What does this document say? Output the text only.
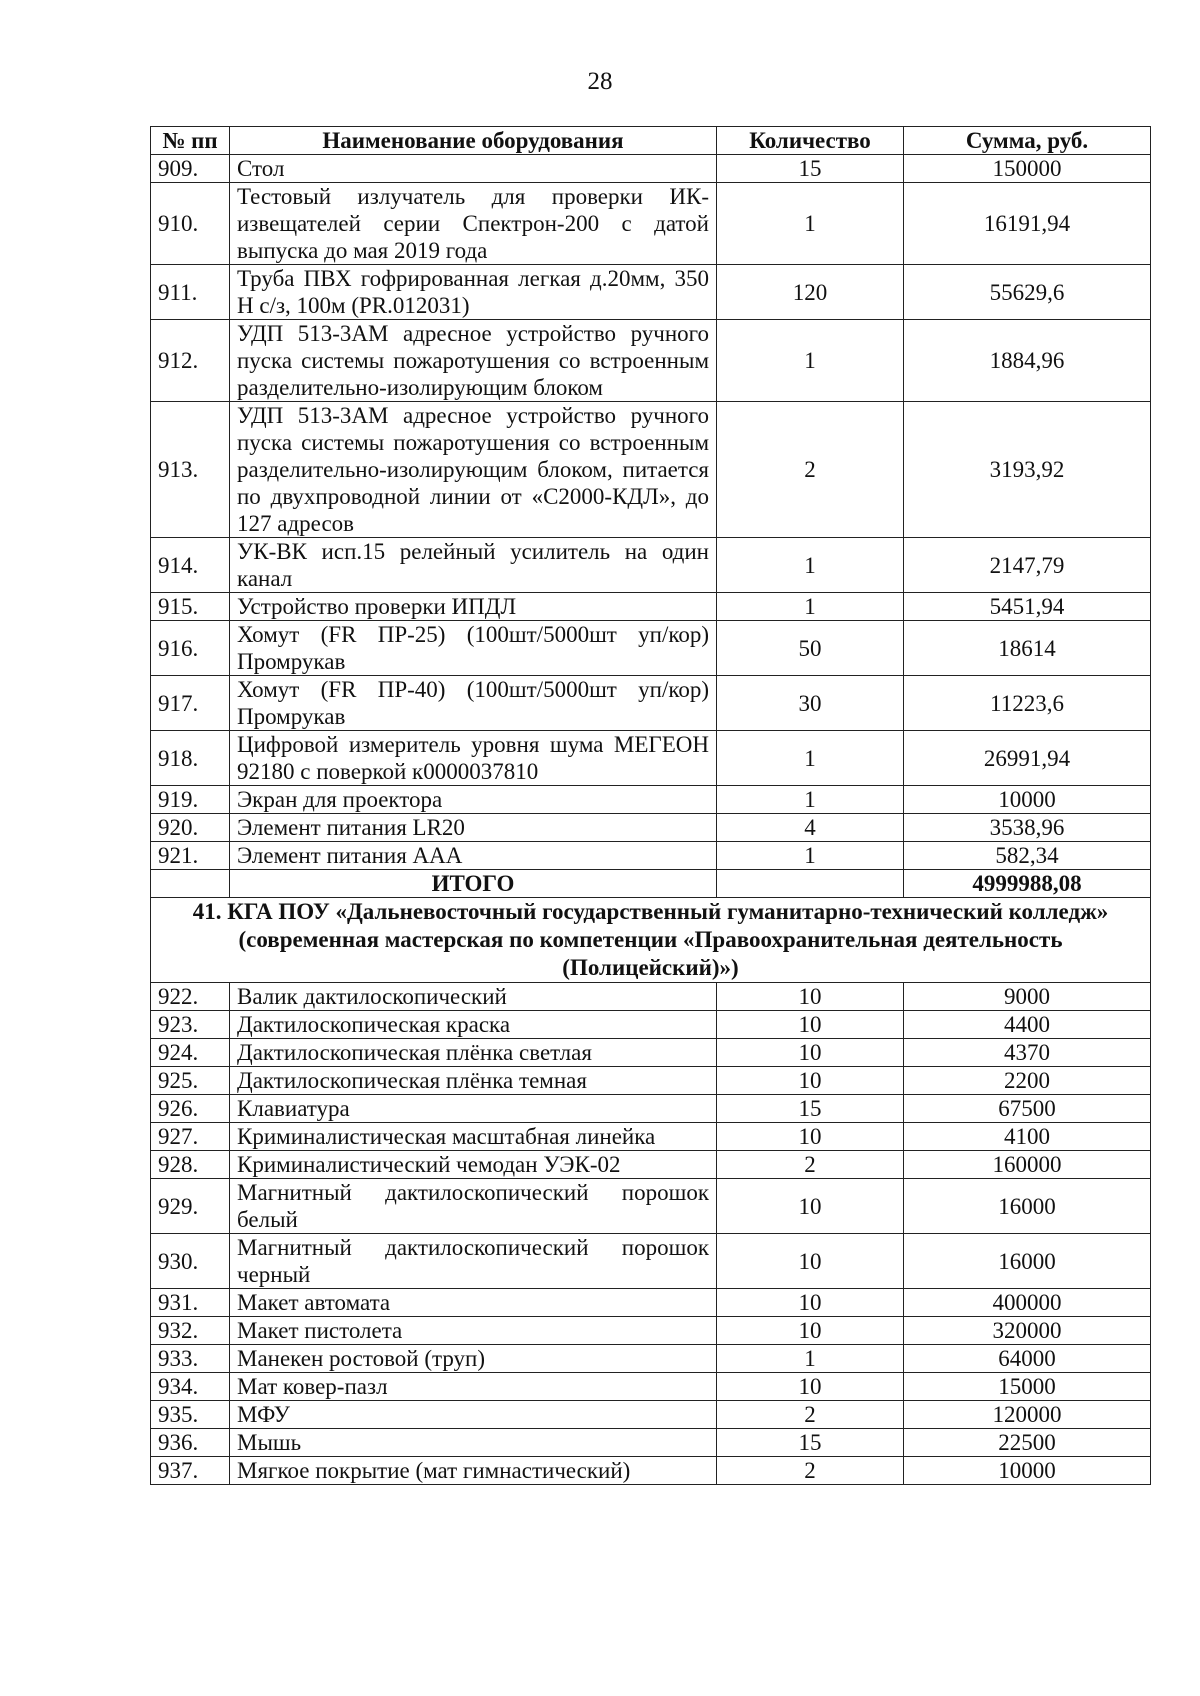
28
№ пп	Наименование оборудования	Количество	Сумма, руб.
909.	Стол	15	150000
910.	Тестовый излучатель для проверки ИК-извещателей серии Спектрон-200 с датой выпуска до мая 2019 года	1	16191,94
911.	Труба ПВХ гофрированная легкая д.20мм, 350 Н с/з, 100м (PR.012031)	120	55629,6
912.	УДП 513-3АМ адресное устройство ручного пуска системы пожаротушения со встроенным разделительно-изолирующим блоком	1	1884,96
913.	УДП 513-3АМ адресное устройство ручного пуска системы пожаротушения со встроенным разделительно-изолирующим блоком, питается по двухпроводной линии от «С2000-КДЛ», до 127 адресов	2	3193,92
914.	УК-ВК исп.15 релейный усилитель на один канал	1	2147,79
915.	Устройство проверки ИПДЛ	1	5451,94
916.	Хомут (FR ПР-25) (100шт/5000шт уп/кор) Промрукав	50	18614
917.	Хомут (FR ПР-40) (100шт/5000шт уп/кор) Промрукав	30	11223,6
918.	Цифровой измеритель уровня шума МЕГЕОН 92180 с поверкой к0000037810	1	26991,94
919.	Экран для проектора	1	10000
920.	Элемент питания LR20	4	3538,96
921.	Элемент питания ААА	1	582,34
	ИТОГО		4999988,08

41. КГА ПОУ «Дальневосточный государственный гуманитарно-технический колледж»
(современная мастерская по компетенции «Правоохранительная деятельность (Полицейский)»)			

922.	Валик дактилоскопический	10	9000
923.	Дактилоскопическая краска	10	4400
924.	Дактилоскопическая плёнка светлая	10	4370
925.	Дактилоскопическая плёнка темная	10	2200
926.	Клавиатура	15	67500
927.	Криминалистическая масштабная линейка	10	4100
928.	Криминалистический чемодан УЭК-02	2	160000
929.	Магнитный дактилоскопический порошок белый	10	16000
930.	Магнитный дактилоскопический порошок черный	10	16000
931.	Макет автомата	10	400000
932.	Макет пистолета	10	320000
933.	Манекен ростовой (труп)	1	64000
934.	Мат ковер-пазл	10	15000
935.	МФУ	2	120000
936.	Мышь	15	22500
937.	Мягкое покрытие (мат гимнастический)	2	10000
